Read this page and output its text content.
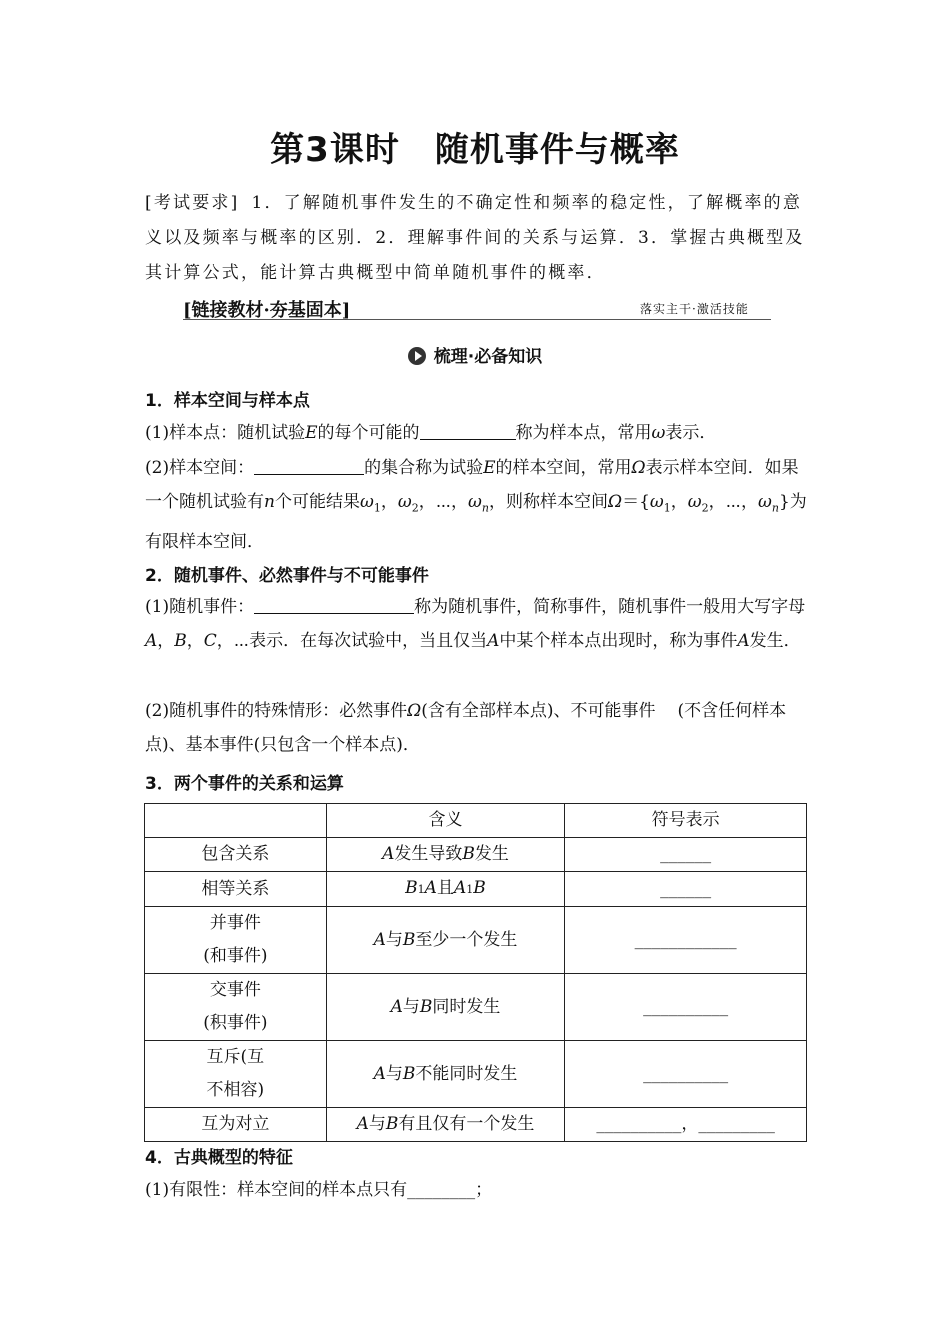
第3课时　随机事件与概率
[考试要求] 1．了解随机事件发生的不确定性和频率的稳定性，了解概率的意义以及频率与概率的区别．2．理解事件间的关系与运算．3．掌握古典概型及其计算公式，能计算古典概型中简单随机事件的概率．
[链接教材·夯基固本]	落实主干·激活技能
梳理·必备知识
1．样本空间与样本点
(1)样本点：随机试验E的每个可能的	称为样本点，常用ω表示．
(2)样本空间：	的集合称为试验E的样本空间，常用Ω表示样本空间．如果一个随机试验有n个可能结果$\omega_1$，$\omega_2$，⋯，$\omega_n$，则称样本空间$\Omega=\{\omega_1$，$\omega_2$，⋯，$\omega_n$}为有限样本空间．
2．随机事件、必然事件与不可能事件
(1)随机事件：	称为随机事件，简称事件，随机事件一般用大写字母A，B，C，⋯表示．在每次试验中，当且仅当A中某个样本点出现时，称为事件A发生．
(2)随机事件的特殊情形：必然事件Ω(含有全部样本点)、不可能事件 (不含任何样本点)、基本事件(只包含一个样本点)．
3．两个事件的关系和运算
	含义	符号表示
包含关系	A发生导致B发生	______
相等关系	B1A且A1B	______
并事件
(和事件)	A与B至少一个发生	____________
交事件
(积事件)	A与B同时发生	__________
互斥(互
不相容)	A与B不能同时发生	__________
互为对立	A与B有且仅有一个发生	__________，_________
4．古典概型的特征
(1)有限性：样本空间的样本点只有________；
